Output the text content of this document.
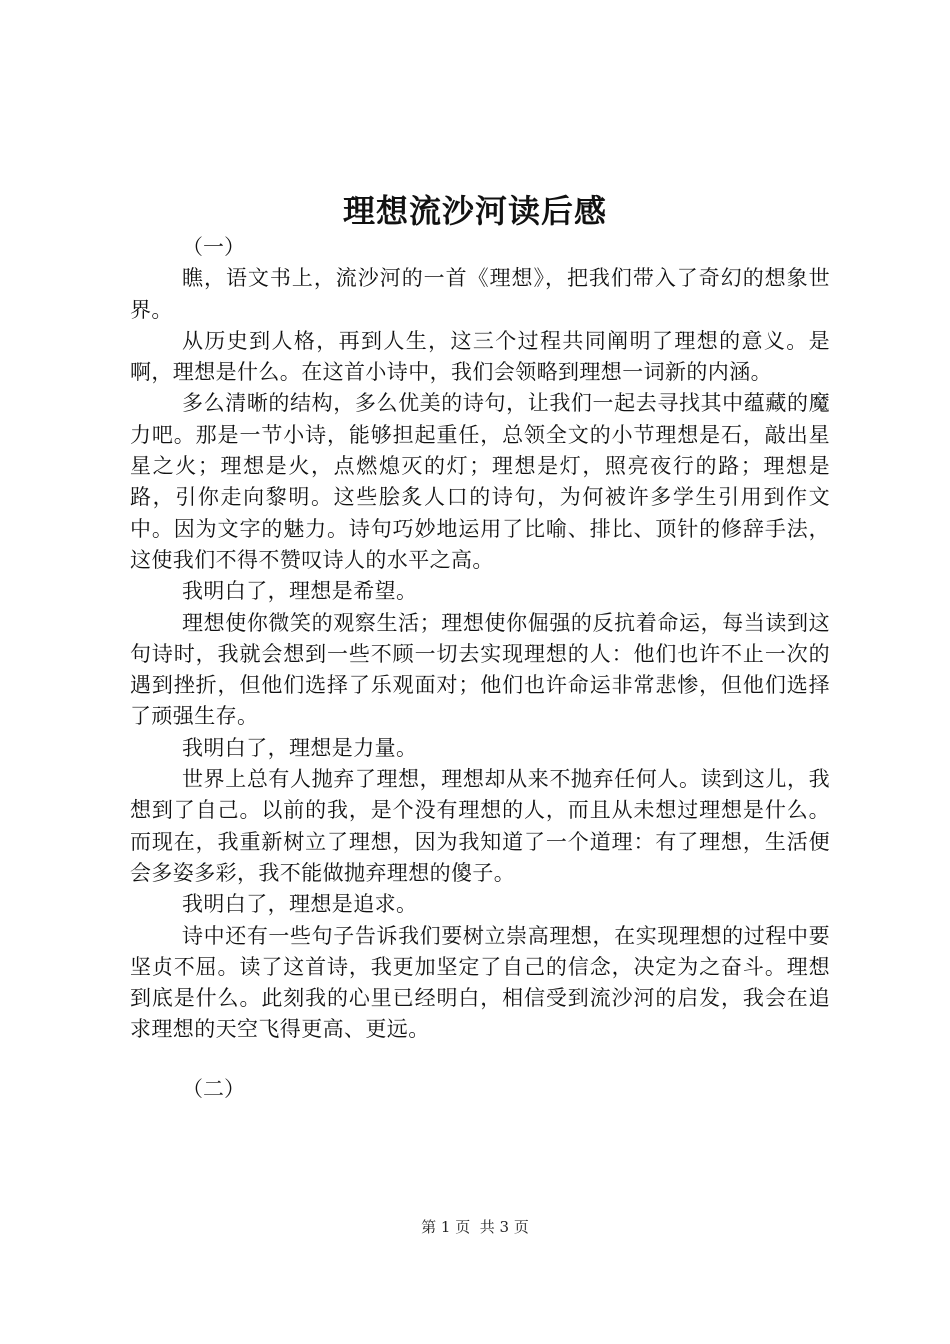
理想流沙河读后感

（一）

瞧，语文书上，流沙河的一首《理想》，把我们带入了奇幻的想象世界。

从历史到人格，再到人生，这三个过程共同阐明了理想的意义。是啊，理想是什么。在这首小诗中，我们会领略到理想一词新的内涵。

多么清晰的结构，多么优美的诗句，让我们一起去寻找其中蕴藏的魔力吧。那是一节小诗，能够担起重任，总领全文的小节理想是石，敲出星星之火；理想是火，点燃熄灭的灯；理想是灯，照亮夜行的路；理想是路，引你走向黎明。这些脍炙人口的诗句，为何被许多学生引用到作文中。因为文字的魅力。诗句巧妙地运用了比喻、排比、顶针的修辞手法，这使我们不得不赞叹诗人的水平之高。

我明白了，理想是希望。

理想使你微笑的观察生活；理想使你倔强的反抗着命运，每当读到这句诗时，我就会想到一些不顾一切去实现理想的人：他们也许不止一次的遇到挫折，但他们选择了乐观面对；他们也许命运非常悲惨，但他们选择了顽强生存。

我明白了，理想是力量。

世界上总有人抛弃了理想，理想却从来不抛弃任何人。读到这儿，我想到了自己。以前的我，是个没有理想的人，而且从未想过理想是什么。而现在，我重新树立了理想，因为我知道了一个道理：有了理想，生活便会多姿多彩，我不能做抛弃理想的傻子。

我明白了，理想是追求。

诗中还有一些句子告诉我们要树立崇高理想，在实现理想的过程中要坚贞不屈。读了这首诗，我更加坚定了自己的信念，决定为之奋斗。理想到底是什么。此刻我的心里已经明白，相信受到流沙河的启发，我会在追求理想的天空飞得更高、更远。

（二）

第 1 页  共 3 页
